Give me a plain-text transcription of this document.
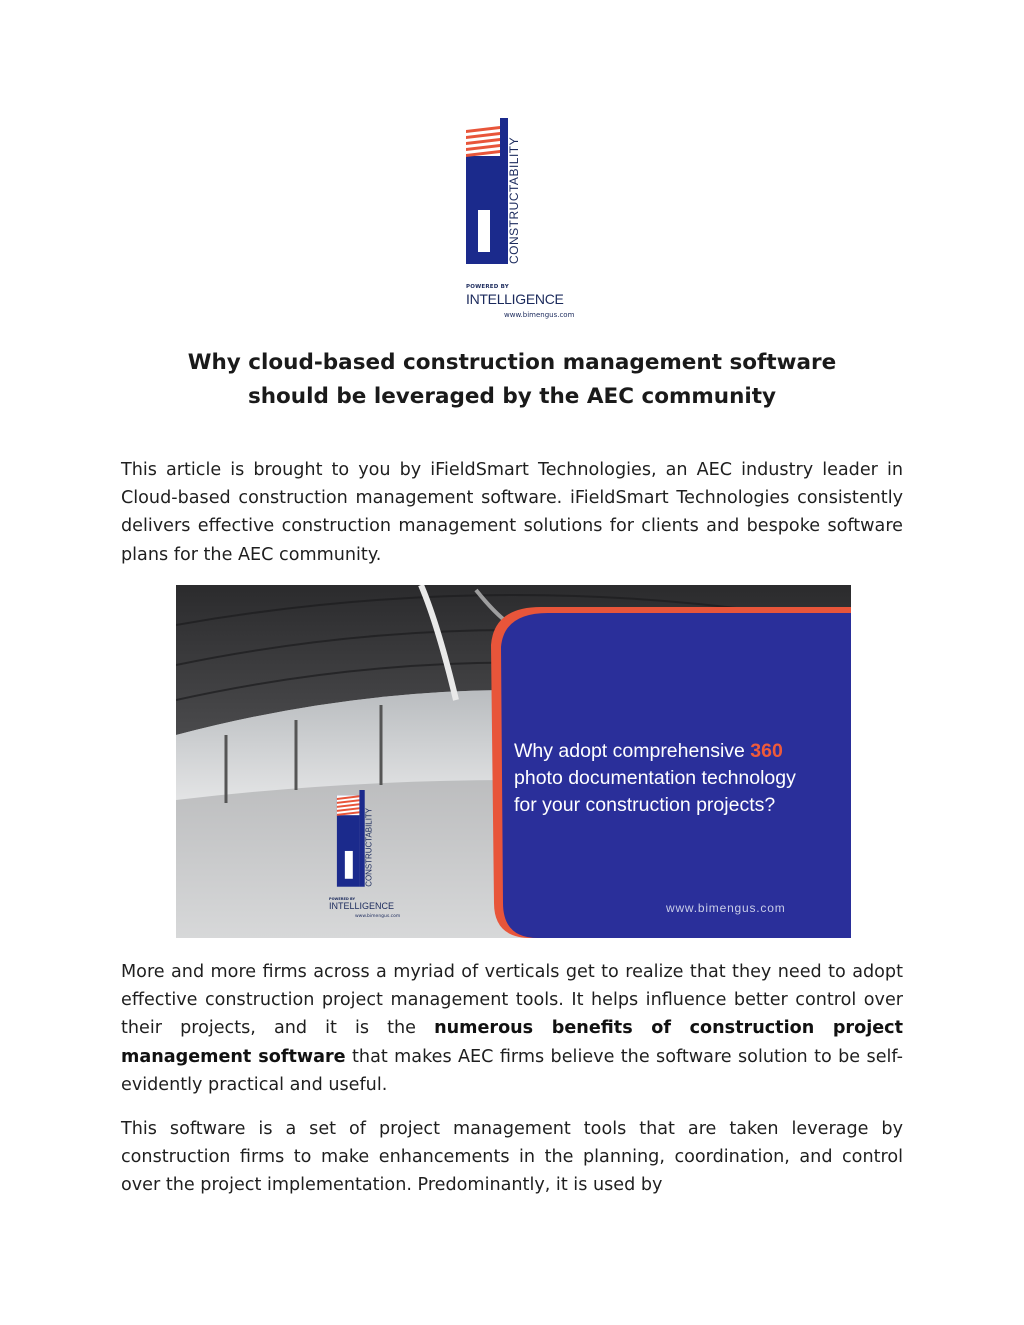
CONSTRUCTABILITY
POWERED BY
INTELLIGENCE
www.bimengus.com
Why cloud-based construction management software
should be leveraged by the AEC community

This article is brought to you by iFieldSmart Technologies, an AEC industry leader in Cloud-based construction management software. iFieldSmart Technologies consistently delivers effective construction management solutions for clients and bespoke software plans for the AEC community.

CONSTRUCTABILITY
POWERED BY
INTELLIGENCE
www.bimengus.com
Why adopt comprehensive 360 photo documentation technology for your construction projects?
www.bimengus.com

More and more firms across a myriad of verticals get to realize that they need to adopt effective construction project management tools. It helps influence better control over their projects, and it is the numerous benefits of construction project management software that makes AEC firms believe the software solution to be self-evidently practical and useful.

This software is a set of project management tools that are taken leverage by construction firms to make enhancements in the planning, coordination, and control over the project implementation. Predominantly, it is used by
